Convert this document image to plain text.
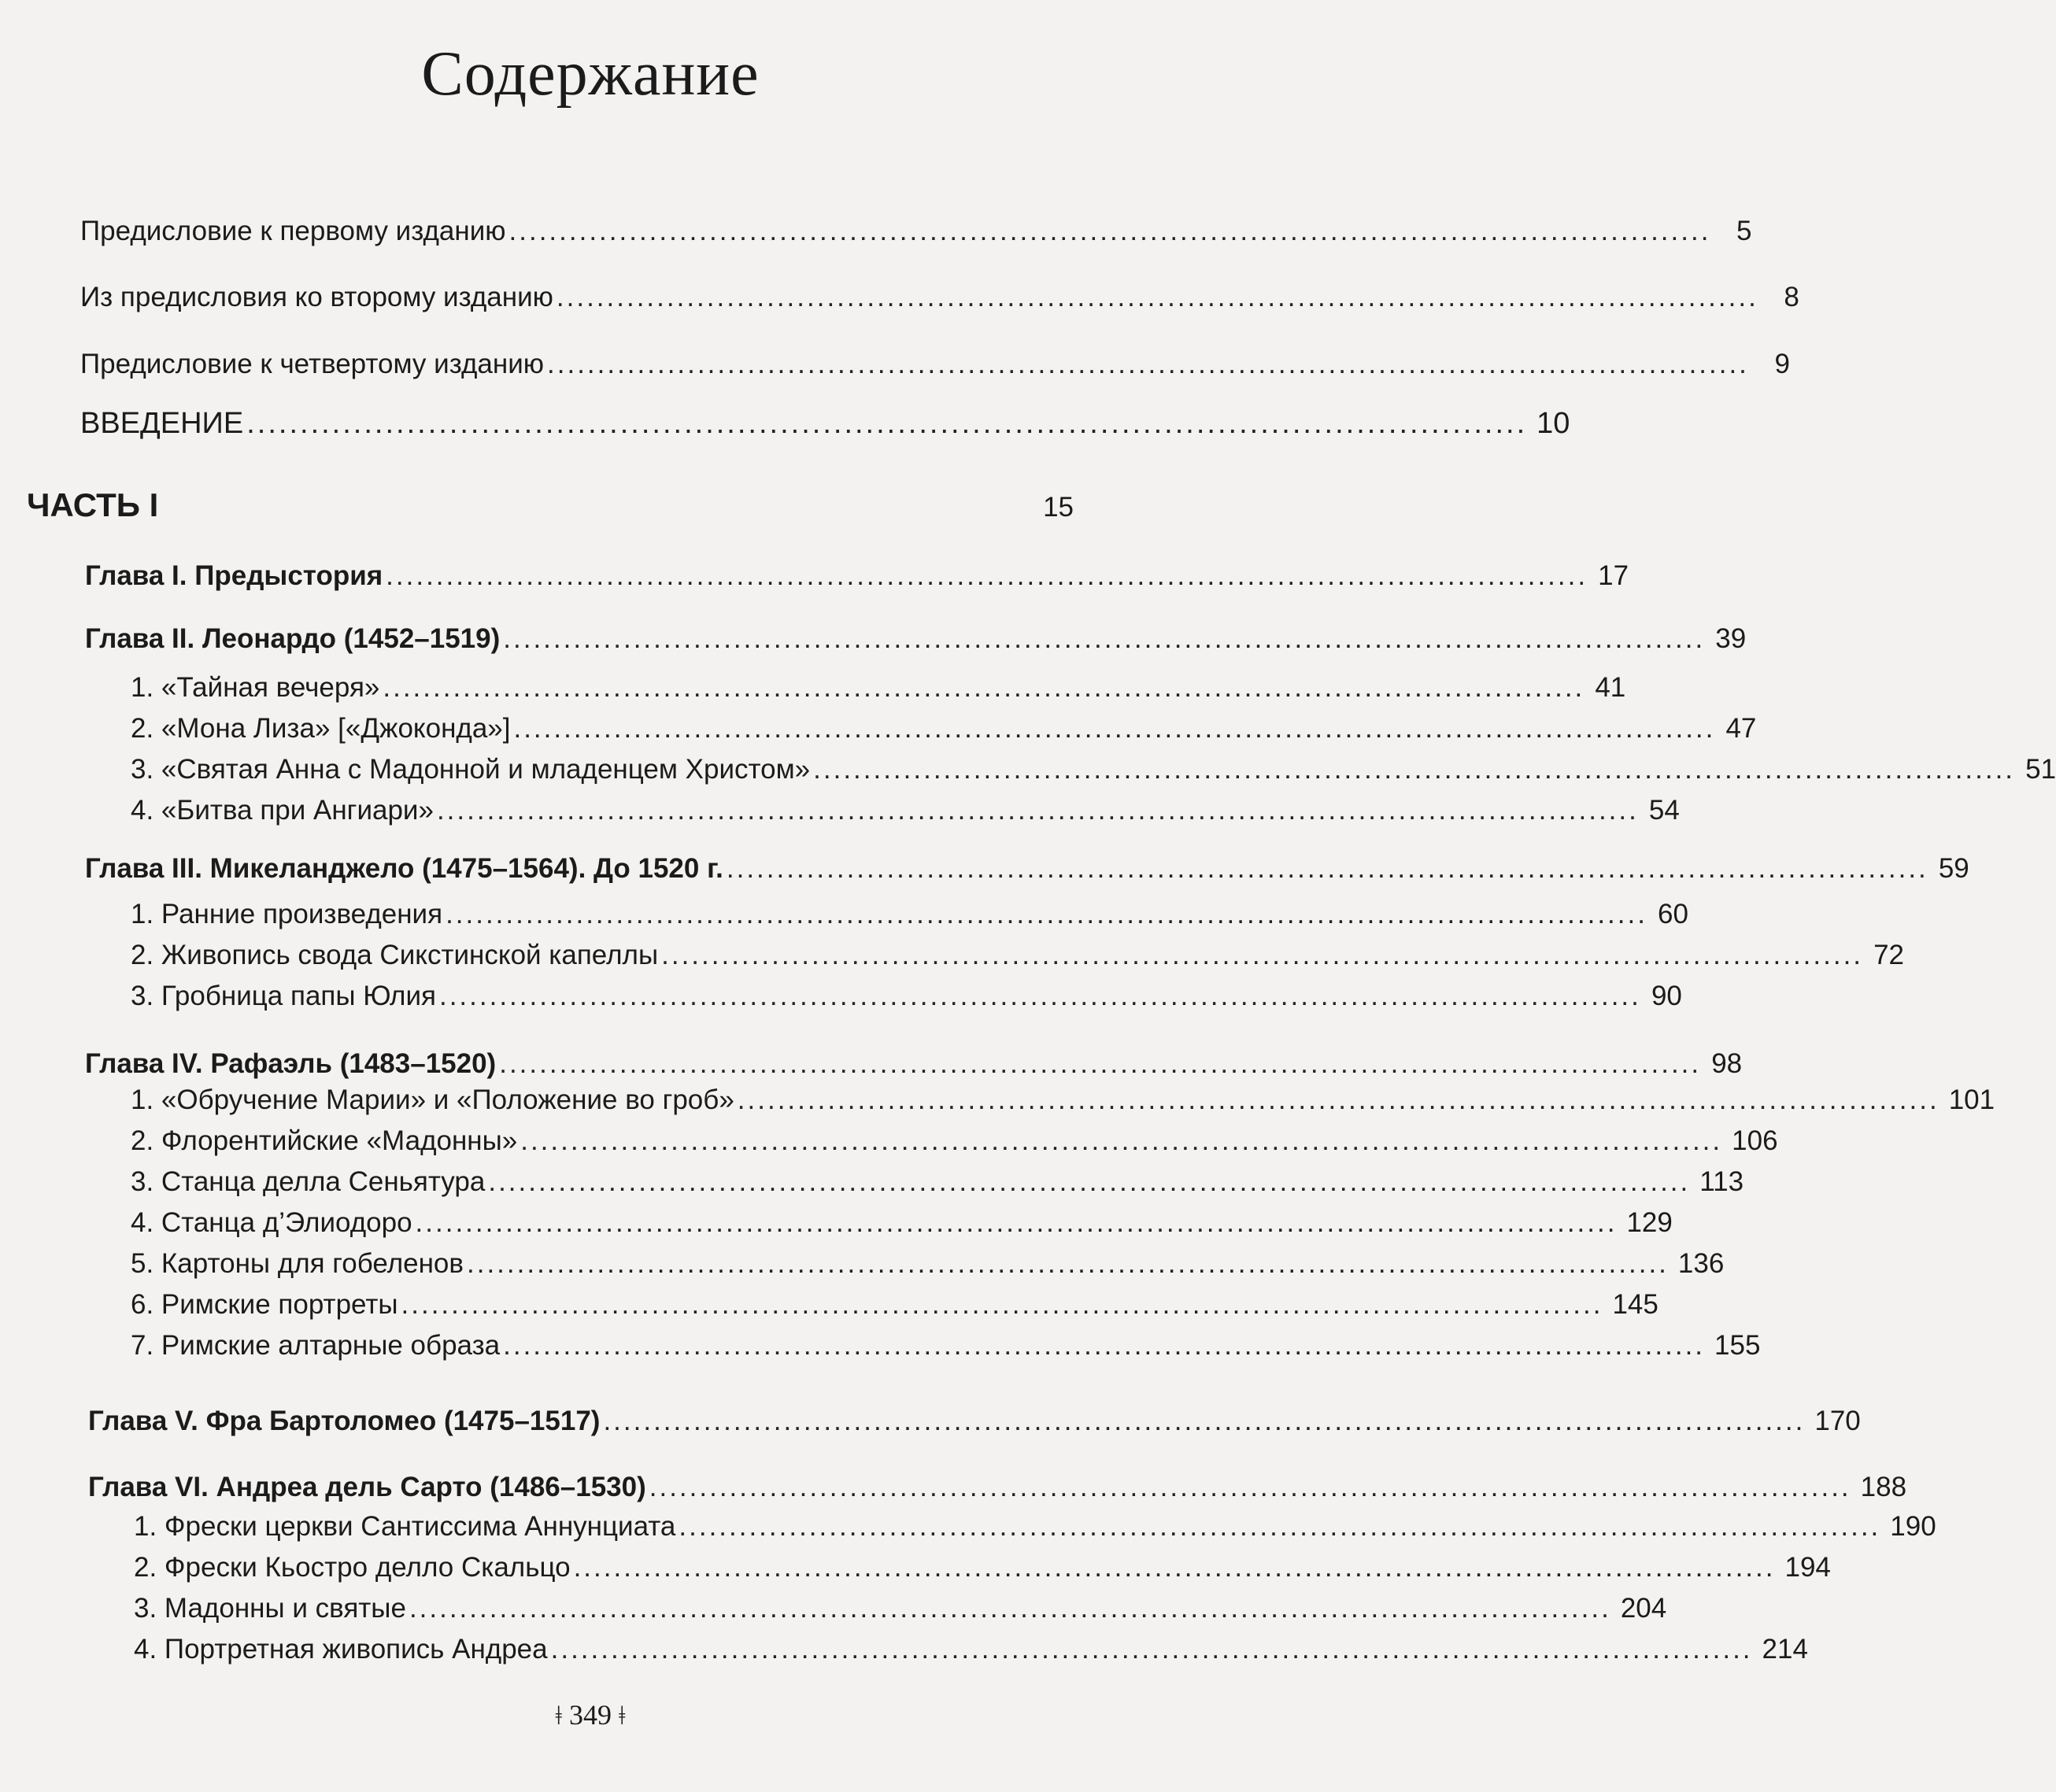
Содержание
Предисловие к первому изданию ........................................................................................................................ 5
Из предисловия ко второму изданию ........................................................................................................................ 8
Предисловие к четвертому изданию ........................................................................................................................ 9
ВВЕДЕНИЕ ........................................................................................................................ 10
ЧАСТЬ I	15
Глава I. Предыстория ........................................................................................................................ 17
Глава II. Леонардо (1452–1519) ........................................................................................................................ 39
1. «Тайная вечеря» ........................................................................................................................ 41
2. «Мона Лиза» [«Джоконда»] ........................................................................................................................ 47
3. «Святая Анна с Мадонной и младенцем Христом» ........................................................................................................................ 51
4. «Битва при Ангиари» ........................................................................................................................ 54
Глава III. Микеланджело (1475–1564). До 1520 г. ........................................................................................................................ 59
1. Ранние произведения ........................................................................................................................ 60
2. Живопись свода Сикстинской капеллы ........................................................................................................................ 72
3. Гробница папы Юлия ........................................................................................................................ 90
Глава IV. Рафаэль (1483–1520) ........................................................................................................................ 98
1. «Обручение Марии» и «Положение во гроб» ........................................................................................................................ 101
2. Флорентийские «Мадонны» ........................................................................................................................ 106
3. Станца делла Сеньятура ........................................................................................................................ 113
4. Станца д’Элиодоро ........................................................................................................................ 129
5. Картоны для гобеленов ........................................................................................................................ 136
6. Римские портреты ........................................................................................................................ 145
7. Римские алтарные образа ........................................................................................................................ 155
Глава V. Фра Бартоломео (1475–1517) ........................................................................................................................ 170
Глава VI. Андреа дель Сарто (1486–1530) ........................................................................................................................ 188
1. Фрески церкви Сантиссима Аннунциата ........................................................................................................................ 190
2. Фрески Кьостро делло Скальцо ........................................................................................................................ 194
3. Мадонны и святые ........................................................................................................................ 204
4. Портретная живопись Андреа ........................................................................................................................ 214
ǂ 349 ǂ
